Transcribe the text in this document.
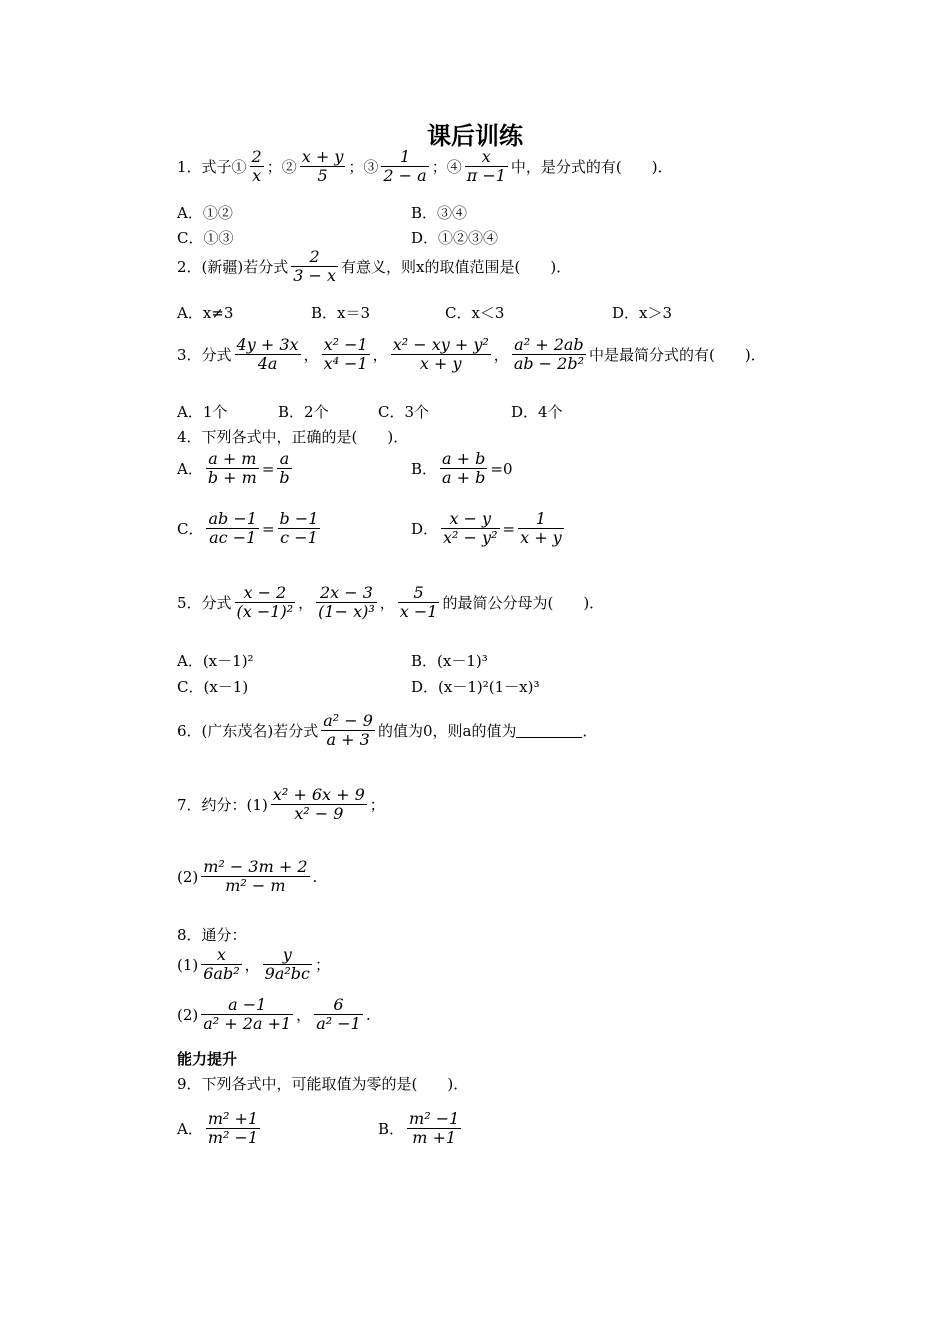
课后训练
1．式子① $\frac{2}{x}$ ；② $\frac{x + y}{5}$ ；③ $\frac{1}{2 - a}$ ；④ $\frac{x}{\pi -1}$ 中，是分式的有(　　)．
A．①②	B．③④
C．①③	D．①②③④
2．(新疆)若分式 $\frac{2}{3 - x}$ 有意义，则x的取值范围是(　　)．
A．x≠3	B．x＝3	C．x＜3	D．x＞3
3．分式 $\frac{4y + 3x}{4a}$ ， $\frac{\text{x² −1}}{\text{x⁴ −1}}$ ， $\frac{\text{x² − xy + y²}}{x + y}$ ， $\frac{\text{a² + 2ab}}{\text{ab − 2b²}}$ 中是最简分式的有(　　)．
A．1个	B．2个	C．3个	D．4个
4．下列各式中，正确的是(　　)．
A． $\frac{a + m}{b + m} = \frac{a}{b}$	B． $\frac{a + b}{a + b} =0$
C． $\frac{ab -1}{ac -1} = \frac{b -1}{c -1}$	D． $\frac{x - y}{\text{x² − y²}} = \frac{1}{x + y}$
5．分式 $\frac{x - 2}{\text{(x −1)²}}$ ， $\frac{2x - 3}{\text{(1− x)³}}$ ， $\frac{5}{x -1}$ 的最简公分母为(　　)．
A．(x－1)²	B．(x－1)³
C．(x－1)	D．(x－1)²(1－x)³
6．(广东茂名)若分式 $\frac{\text{a² − 9}}{a + 3}$ 的值为0，则a的值为	．
7．约分：$(1) \frac{\text{x² + 6x + 9}}{\text{x² − 9}}$ ；
$(2) \frac{\text{m² − 3m + 2}}{\text{m² − m}}$ .
8．通分：
$(1) \frac{x}{\text{6ab²}}$ ， $\frac{y}{\text{9a²bc}}$ ；
$(2) \frac{a -1}{\text{a² + 2a +1}}$ ， $\frac{6}{\text{a² −1}}$ .
能力提升
9．下列各式中，可能取值为零的是(　　)．
A． $\frac{\text{m² +1}}{\text{m² −1}}$	B． $\frac{\text{m² −1}}{m +1}$
